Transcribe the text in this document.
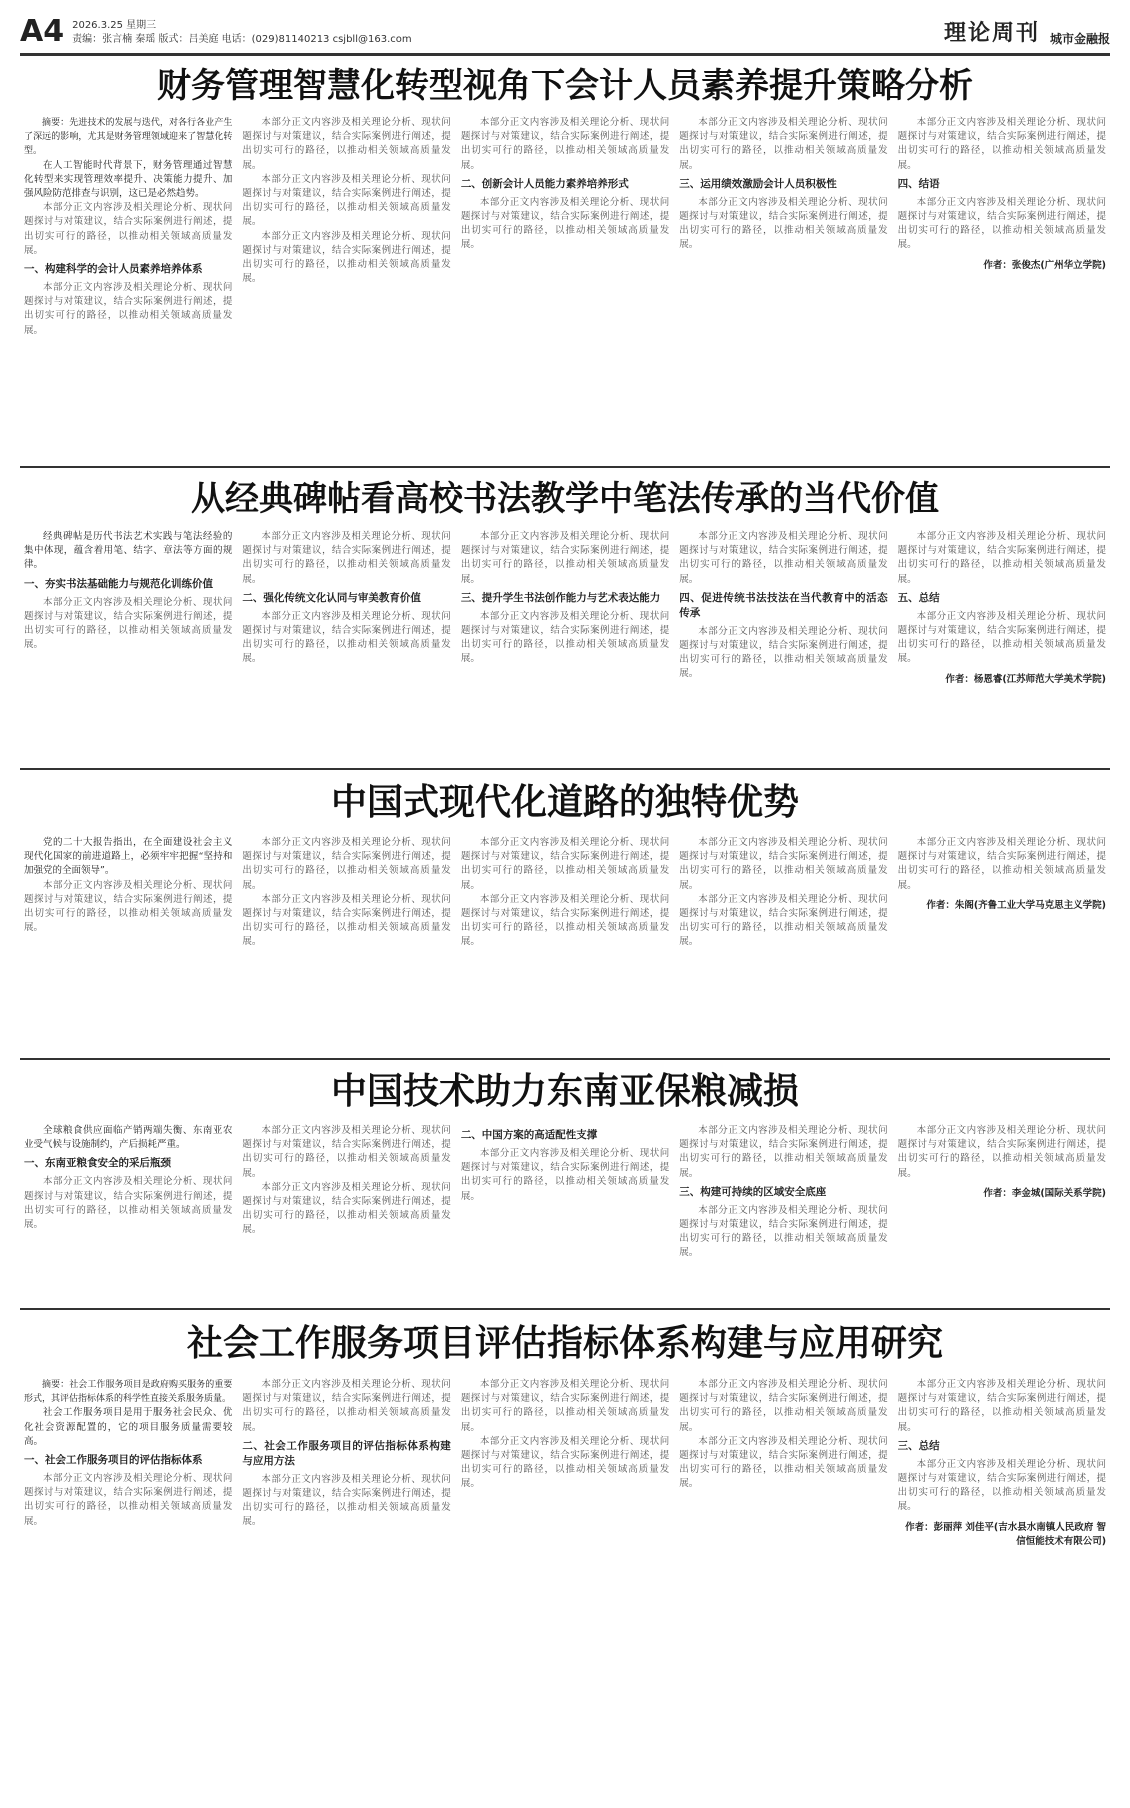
A4 2026.3.25 星期三
责编：张言楠 秦瑶 版式：吕美庭 电话：(029)81140213 csjbll@163.com	理论周刊 城市金融报
财务管理智慧化转型视角下会计人员素养提升策略分析

摘要：先进技术的发展与迭代，对各行各业产生了深远的影响，尤其是财务管理领域迎来了智慧化转型。

在人工智能时代背景下，财务管理通过智慧化转型来实现管理效率提升、决策能力提升、加强风险防范排查与识别，这已是必然趋势。

本部分正文内容涉及相关理论分析、现状问题探讨与对策建议，结合实际案例进行阐述，提出切实可行的路径，以推动相关领域高质量发展。

一、构建科学的会计人员素养培养体系

本部分正文内容涉及相关理论分析、现状问题探讨与对策建议，结合实际案例进行阐述，提出切实可行的路径，以推动相关领域高质量发展。

本部分正文内容涉及相关理论分析、现状问题探讨与对策建议，结合实际案例进行阐述，提出切实可行的路径，以推动相关领域高质量发展。

本部分正文内容涉及相关理论分析、现状问题探讨与对策建议，结合实际案例进行阐述，提出切实可行的路径，以推动相关领域高质量发展。

本部分正文内容涉及相关理论分析、现状问题探讨与对策建议，结合实际案例进行阐述，提出切实可行的路径，以推动相关领域高质量发展。

本部分正文内容涉及相关理论分析、现状问题探讨与对策建议，结合实际案例进行阐述，提出切实可行的路径，以推动相关领域高质量发展。

二、创新会计人员能力素养培养形式

本部分正文内容涉及相关理论分析、现状问题探讨与对策建议，结合实际案例进行阐述，提出切实可行的路径，以推动相关领域高质量发展。

本部分正文内容涉及相关理论分析、现状问题探讨与对策建议，结合实际案例进行阐述，提出切实可行的路径，以推动相关领域高质量发展。

三、运用绩效激励会计人员积极性

本部分正文内容涉及相关理论分析、现状问题探讨与对策建议，结合实际案例进行阐述，提出切实可行的路径，以推动相关领域高质量发展。

本部分正文内容涉及相关理论分析、现状问题探讨与对策建议，结合实际案例进行阐述，提出切实可行的路径，以推动相关领域高质量发展。

四、结语

本部分正文内容涉及相关理论分析、现状问题探讨与对策建议，结合实际案例进行阐述，提出切实可行的路径，以推动相关领域高质量发展。

作者：张俊杰(广州华立学院)

从经典碑帖看高校书法教学中笔法传承的当代价值

经典碑帖是历代书法艺术实践与笔法经验的集中体现，蕴含着用笔、结字、章法等方面的规律。

一、夯实书法基础能力与规范化训练价值

本部分正文内容涉及相关理论分析、现状问题探讨与对策建议，结合实际案例进行阐述，提出切实可行的路径，以推动相关领域高质量发展。

本部分正文内容涉及相关理论分析、现状问题探讨与对策建议，结合实际案例进行阐述，提出切实可行的路径，以推动相关领域高质量发展。

二、强化传统文化认同与审美教育价值

本部分正文内容涉及相关理论分析、现状问题探讨与对策建议，结合实际案例进行阐述，提出切实可行的路径，以推动相关领域高质量发展。

本部分正文内容涉及相关理论分析、现状问题探讨与对策建议，结合实际案例进行阐述，提出切实可行的路径，以推动相关领域高质量发展。

三、提升学生书法创作能力与艺术表达能力

本部分正文内容涉及相关理论分析、现状问题探讨与对策建议，结合实际案例进行阐述，提出切实可行的路径，以推动相关领域高质量发展。

本部分正文内容涉及相关理论分析、现状问题探讨与对策建议，结合实际案例进行阐述，提出切实可行的路径，以推动相关领域高质量发展。

四、促进传统书法技法在当代教育中的活态传承

本部分正文内容涉及相关理论分析、现状问题探讨与对策建议，结合实际案例进行阐述，提出切实可行的路径，以推动相关领域高质量发展。

本部分正文内容涉及相关理论分析、现状问题探讨与对策建议，结合实际案例进行阐述，提出切实可行的路径，以推动相关领域高质量发展。

五、总结

本部分正文内容涉及相关理论分析、现状问题探讨与对策建议，结合实际案例进行阐述，提出切实可行的路径，以推动相关领域高质量发展。

作者：杨恩睿(江苏师范大学美术学院)

中国式现代化道路的独特优势

党的二十大报告指出，在全面建设社会主义现代化国家的前进道路上，必须牢牢把握“坚持和加强党的全面领导”。

本部分正文内容涉及相关理论分析、现状问题探讨与对策建议，结合实际案例进行阐述，提出切实可行的路径，以推动相关领域高质量发展。

本部分正文内容涉及相关理论分析、现状问题探讨与对策建议，结合实际案例进行阐述，提出切实可行的路径，以推动相关领域高质量发展。

本部分正文内容涉及相关理论分析、现状问题探讨与对策建议，结合实际案例进行阐述，提出切实可行的路径，以推动相关领域高质量发展。

本部分正文内容涉及相关理论分析、现状问题探讨与对策建议，结合实际案例进行阐述，提出切实可行的路径，以推动相关领域高质量发展。

本部分正文内容涉及相关理论分析、现状问题探讨与对策建议，结合实际案例进行阐述，提出切实可行的路径，以推动相关领域高质量发展。

本部分正文内容涉及相关理论分析、现状问题探讨与对策建议，结合实际案例进行阐述，提出切实可行的路径，以推动相关领域高质量发展。

本部分正文内容涉及相关理论分析、现状问题探讨与对策建议，结合实际案例进行阐述，提出切实可行的路径，以推动相关领域高质量发展。

本部分正文内容涉及相关理论分析、现状问题探讨与对策建议，结合实际案例进行阐述，提出切实可行的路径，以推动相关领域高质量发展。

作者：朱阁(齐鲁工业大学马克思主义学院)

中国技术助力东南亚保粮减损

全球粮食供应面临产销两端失衡、东南亚农业受气候与设施制约，产后损耗严重。

一、东南亚粮食安全的采后瓶颈

本部分正文内容涉及相关理论分析、现状问题探讨与对策建议，结合实际案例进行阐述，提出切实可行的路径，以推动相关领域高质量发展。

本部分正文内容涉及相关理论分析、现状问题探讨与对策建议，结合实际案例进行阐述，提出切实可行的路径，以推动相关领域高质量发展。

本部分正文内容涉及相关理论分析、现状问题探讨与对策建议，结合实际案例进行阐述，提出切实可行的路径，以推动相关领域高质量发展。

二、中国方案的高适配性支撑

本部分正文内容涉及相关理论分析、现状问题探讨与对策建议，结合实际案例进行阐述，提出切实可行的路径，以推动相关领域高质量发展。

本部分正文内容涉及相关理论分析、现状问题探讨与对策建议，结合实际案例进行阐述，提出切实可行的路径，以推动相关领域高质量发展。

三、构建可持续的区域安全底座

本部分正文内容涉及相关理论分析、现状问题探讨与对策建议，结合实际案例进行阐述，提出切实可行的路径，以推动相关领域高质量发展。

本部分正文内容涉及相关理论分析、现状问题探讨与对策建议，结合实际案例进行阐述，提出切实可行的路径，以推动相关领域高质量发展。

作者：李金城(国际关系学院)

社会工作服务项目评估指标体系构建与应用研究

摘要：社会工作服务项目是政府购买服务的重要形式，其评估指标体系的科学性直接关系服务质量。

社会工作服务项目是用于服务社会民众、优化社会资源配置的，它的项目服务质量需要较高。

一、社会工作服务项目的评估指标体系

本部分正文内容涉及相关理论分析、现状问题探讨与对策建议，结合实际案例进行阐述，提出切实可行的路径，以推动相关领域高质量发展。

本部分正文内容涉及相关理论分析、现状问题探讨与对策建议，结合实际案例进行阐述，提出切实可行的路径，以推动相关领域高质量发展。

二、社会工作服务项目的评估指标体系构建与应用方法

本部分正文内容涉及相关理论分析、现状问题探讨与对策建议，结合实际案例进行阐述，提出切实可行的路径，以推动相关领域高质量发展。

本部分正文内容涉及相关理论分析、现状问题探讨与对策建议，结合实际案例进行阐述，提出切实可行的路径，以推动相关领域高质量发展。

本部分正文内容涉及相关理论分析、现状问题探讨与对策建议，结合实际案例进行阐述，提出切实可行的路径，以推动相关领域高质量发展。

本部分正文内容涉及相关理论分析、现状问题探讨与对策建议，结合实际案例进行阐述，提出切实可行的路径，以推动相关领域高质量发展。

本部分正文内容涉及相关理论分析、现状问题探讨与对策建议，结合实际案例进行阐述，提出切实可行的路径，以推动相关领域高质量发展。

本部分正文内容涉及相关理论分析、现状问题探讨与对策建议，结合实际案例进行阐述，提出切实可行的路径，以推动相关领域高质量发展。

三、总结

本部分正文内容涉及相关理论分析、现状问题探讨与对策建议，结合实际案例进行阐述，提出切实可行的路径，以推动相关领域高质量发展。

作者：彭丽萍 刘佳平(吉水县水南镇人民政府 智信恒能技术有限公司)
